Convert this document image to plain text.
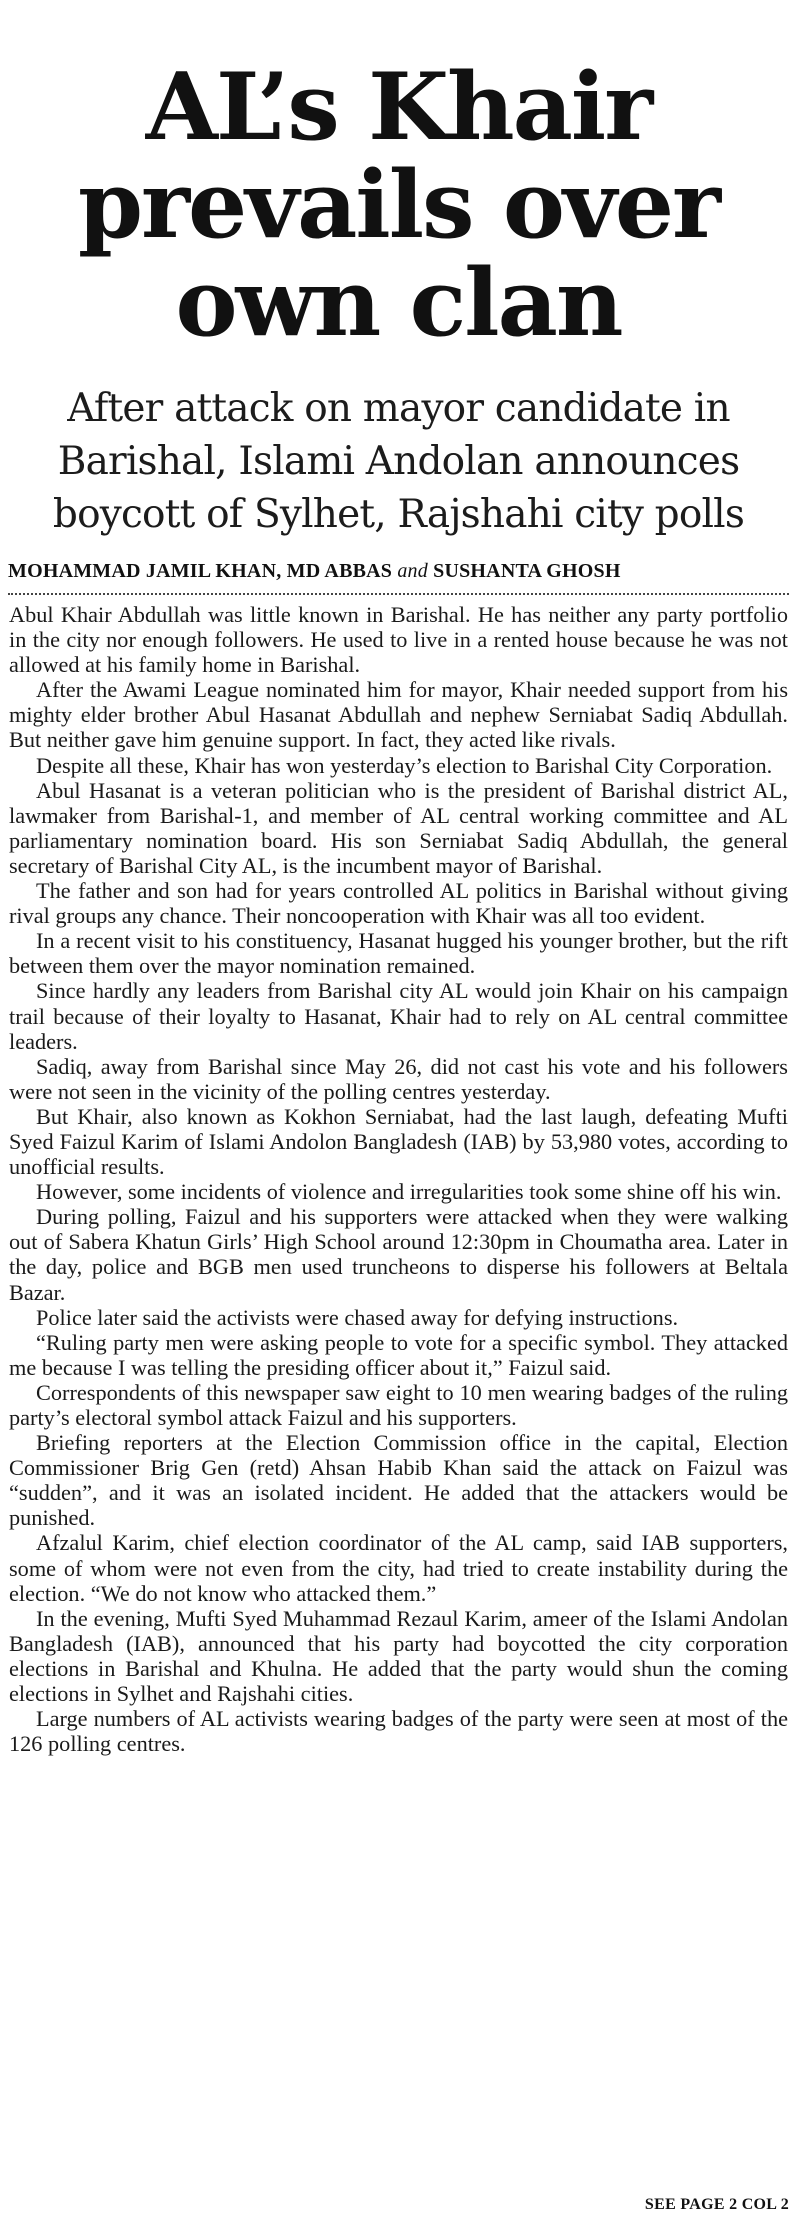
AL’s Khair
prevails over
own clan
After attack on mayor candidate in
Barishal, Islami Andolan announces
boycott of Sylhet, Rajshahi city polls
MOHAMMAD JAMIL KHAN, MD ABBAS and SUSHANTA GHOSH

Abul Khair Abdullah was little known in Barishal. He has neither any party portfolio in the city nor enough followers. He used to live in a rented house because he was not allowed at his family home in Barishal.

After the Awami League nominated him for mayor, Khair needed support from his mighty elder brother Abul Hasanat Abdullah and nephew Serniabat Sadiq Abdullah. But neither gave him genuine support. In fact, they acted like rivals.

Despite all these, Khair has won yesterday’s election to Barishal City Corporation.

Abul Hasanat is a veteran politician who is the president of Barishal district AL, lawmaker from Barishal-1, and member of AL central working committee and AL parliamentary nomination board. His son Serniabat Sadiq Abdullah, the general secretary of Barishal City AL, is the incumbent mayor of Barishal.

The father and son had for years controlled AL politics in Barishal without giving rival groups any chance. Their noncooperation with Khair was all too evident.

In a recent visit to his constituency, Hasanat hugged his younger brother, but the rift between them over the mayor nomination remained.

Since hardly any leaders from Barishal city AL would join Khair on his campaign trail because of their loyalty to Hasanat, Khair had to rely on AL central committee leaders.

Sadiq, away from Barishal since May 26, did not cast his vote and his followers were not seen in the vicinity of the polling centres yesterday.

But Khair, also known as Kokhon Serniabat, had the last laugh, defeating Mufti Syed Faizul Karim of Islami Andolon Bangladesh (IAB) by 53,980 votes, according to unofficial results.

However, some incidents of violence and irregularities took some shine off his win.

During polling, Faizul and his supporters were attacked when they were walking out of Sabera Khatun Girls’ High School around 12:30pm in Choumatha area. Later in the day, police and BGB men used truncheons to disperse his followers at Beltala Bazar.

Police later said the activists were chased away for defying instructions.

“Ruling party men were asking people to vote for a specific symbol. They attacked me because I was telling the presiding officer about it,” Faizul said.

Correspondents of this newspaper saw eight to 10 men wearing badges of the ruling party’s electoral symbol attack Faizul and his supporters.

Briefing reporters at the Election Commission office in the capital, Election Commissioner Brig Gen (retd) Ahsan Habib Khan said the attack on Faizul was “sudden”, and it was an isolated incident. He added that the attackers would be punished.

Afzalul Karim, chief election coordinator of the AL camp, said IAB supporters, some of whom were not even from the city, had tried to create instability during the election. “We do not know who attacked them.”

In the evening, Mufti Syed Muhammad Rezaul Karim, ameer of the Islami Andolan Bangladesh (IAB), announced that his party had boycotted the city corporation elections in Barishal and Khulna. He added that the party would shun the coming elections in Sylhet and Rajshahi cities.

Large numbers of AL activists wearing badges of the party were seen at most of the 126 polling centres.

SEE PAGE 2 COL 2
